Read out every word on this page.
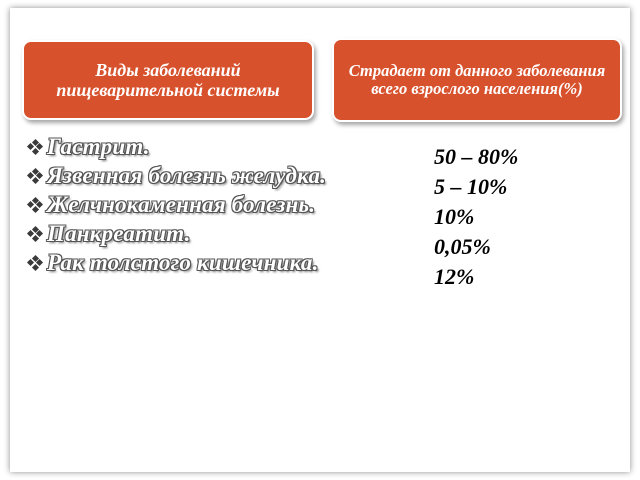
Виды заболеваний пищеварительной системы
Страдает от данного заболевания всего взрослого населения(%)
Гастрит.
Язвенная болезнь желудка.
Желчнокаменная болезнь.
Панкреатит.
Рак толстого кишечника.
50 – 80%
5 – 10%
10%
0,05%
12%
